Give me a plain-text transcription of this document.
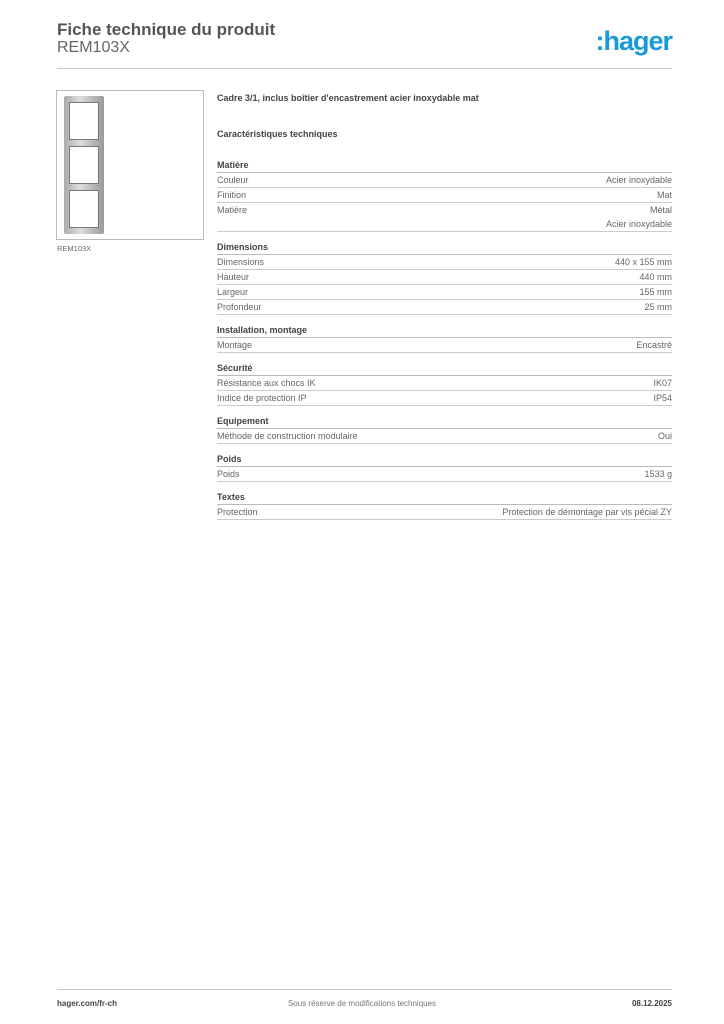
Fiche technique du produit
REM103X	:hager
REM103X
Cadre 3/1, inclus boîtier d'encastrement acier inoxydable mat
Caractéristiques techniques
Matière
Couleur	Acier inoxydable
Finition	Mat
Matière	Métal
Acier inoxydable
Dimensions
Dimensions	440 x 155 mm
Hauteur	440 mm
Largeur	155 mm
Profondeur	25 mm
Installation, montage
Montage	Encastré
Sécurité
Résistance aux chocs IK	IK07
Indice de protection IP	IP54
Equipement
Méthode de construction modulaire	Oui
Poids
Poids	1533 g
Textes
Protection	Protection de démontage par vis pécial ZY
hager.com/fr-ch	Sous réserve de modifications techniques	08.12.2025
